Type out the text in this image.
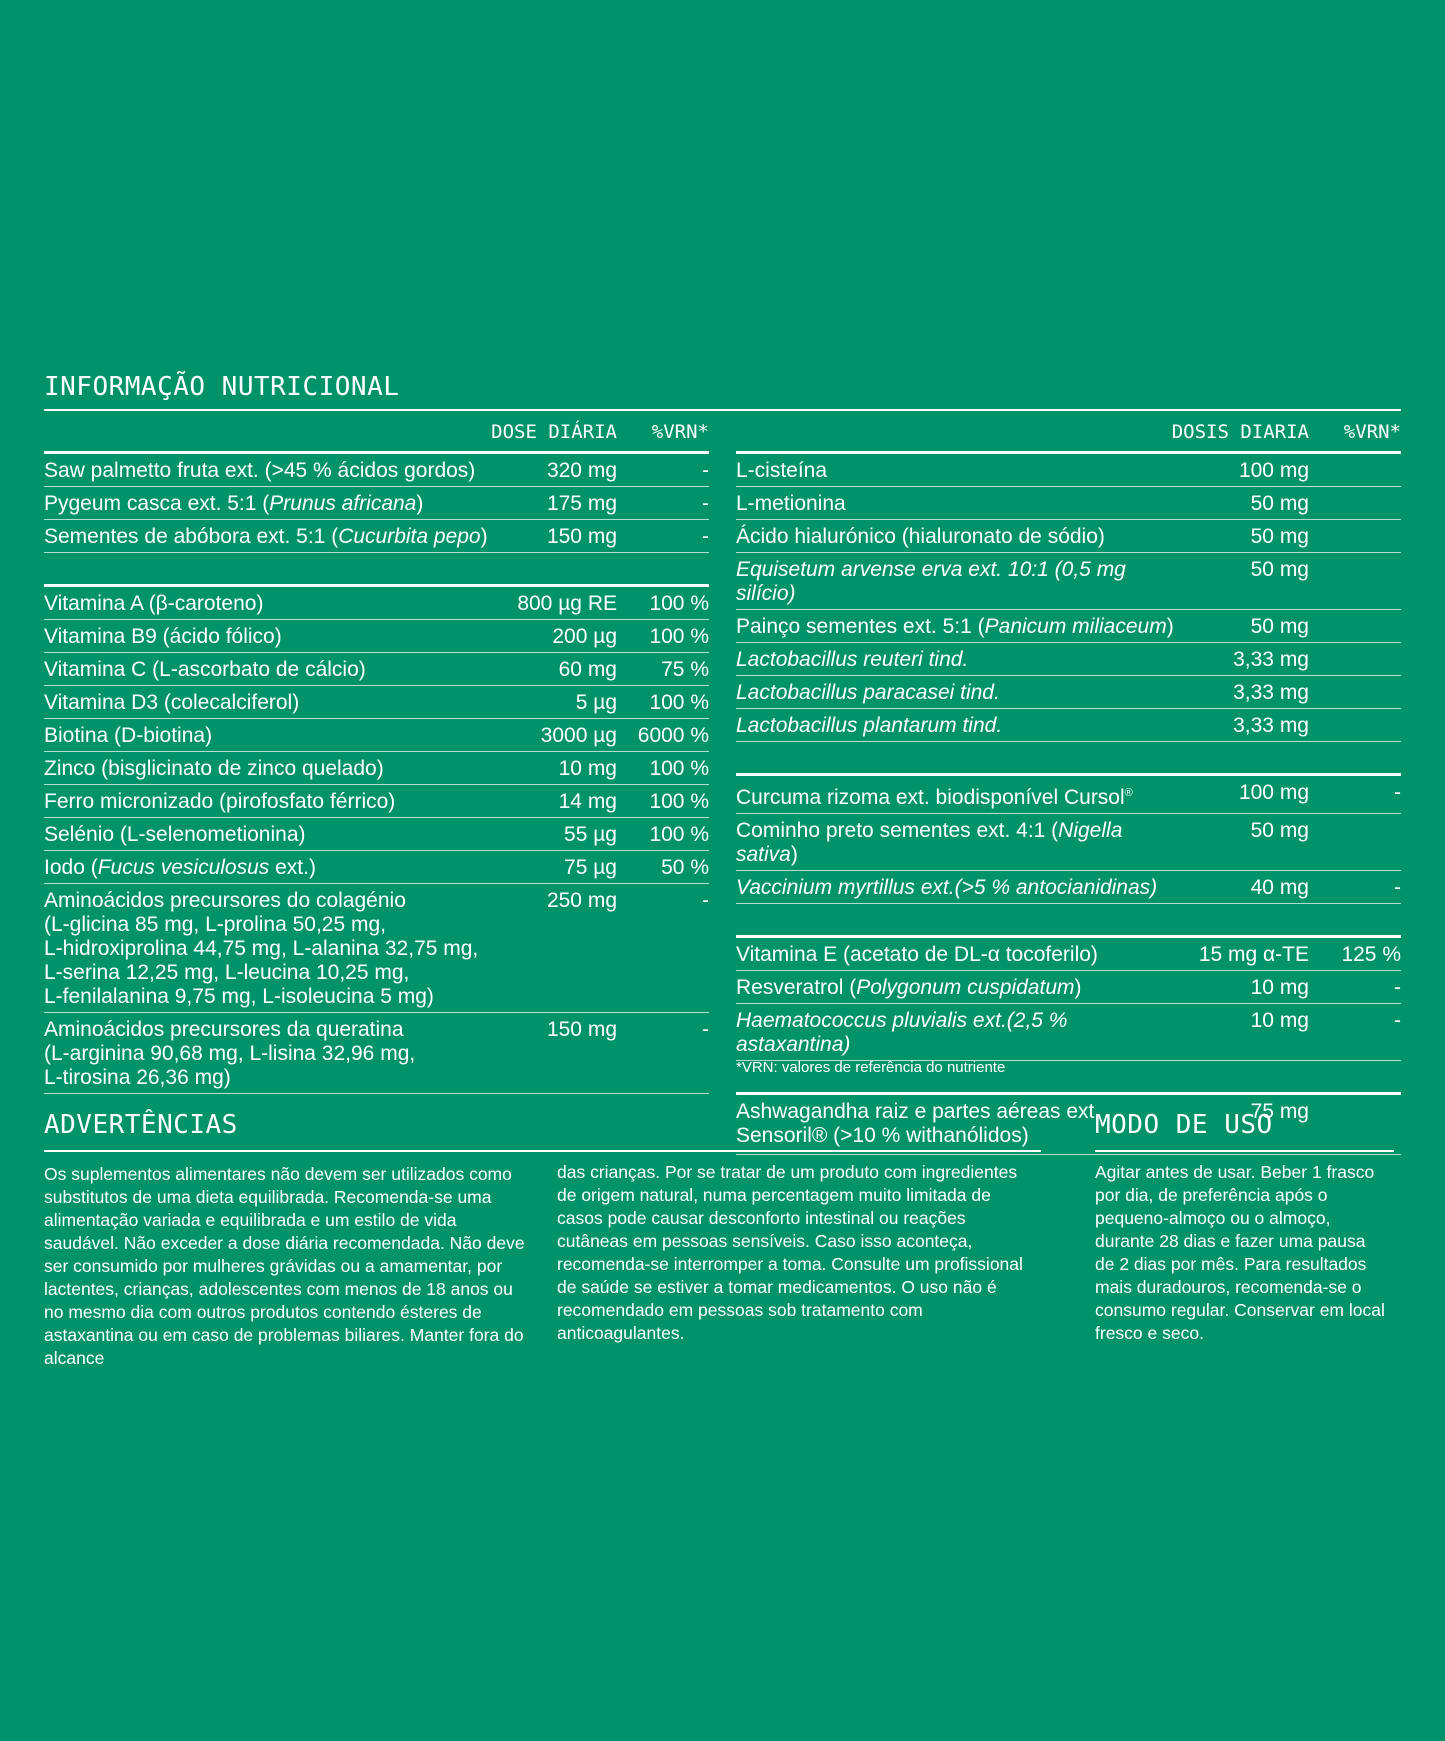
INFORMAÇÃO NUTRICIONAL
DOSE DIÁRIA %VRN*
Saw palmetto fruta ext. (>45 % ácidos gordos)	320 mg	-
Pygeum casca ext. 5:1 (Prunus africana)	175 mg	-
Sementes de abóbora ext. 5:1 (Cucurbita pepo)	150 mg	-
Vitamina A (β-caroteno)	800 µg RE 100 %
Vitamina B9 (ácido fólico)	200 µg 100 %
Vitamina C (L-ascorbato de cálcio)	60 mg 75 %
Vitamina D3 (colecalciferol)	5 µg 100 %
Biotina (D-biotina)	3000 µg 6000 %
Zinco (bisglicinato de zinco quelado)	10 mg 100 %
Ferro micronizado (pirofosfato férrico)	14 mg 100 %
Selénio (L-selenometionina)	55 µg 100 %
Iodo (Fucus vesiculosus ext.)	75 µg 50 %
Aminoácidos precursores do colagénio
(L-glicina 85 mg, L-prolina 50,25 mg,
L-hidroxiprolina 44,75 mg, L-alanina 32,75 mg,
L-serina 12,25 mg, L-leucina 10,25 mg,
L-fenilalanina 9,75 mg, L-isoleucina 5 mg)
250 mg	-
Aminoácidos precursores da queratina
(L-arginina 90,68 mg, L-lisina 32,96 mg,
L-tirosina 26,36 mg)
150 mg	-
DOSIS DIARIA %VRN*
L-cisteína	100 mg
L-metionina	50 mg
Ácido hialurónico (hialuronato de sódio)	50 mg
Equisetum arvense erva ext. 10:1 (0,5 mg silício)
50 mg
Painço sementes ext. 5:1 (Panicum miliaceum)	50 mg
Lactobacillus reuteri tind.	3,33 mg
Lactobacillus paracasei tind.	3,33 mg
Lactobacillus plantarum tind.	3,33 mg
Curcuma rizoma ext. biodisponível Cursol®	100 mg	-
Cominho preto sementes ext. 4:1 (Nigella sativa)
50 mg
Vaccinium myrtillus ext.(>5 % antocianidinas)	40 mg	-
Vitamina E (acetato de DL-α tocoferilo)	15 mg α-TE 125 %
Resveratrol (Polygonum cuspidatum)	10 mg	-
Haematococcus pluvialis ext.(2,5 % astaxantina)
10 mg	-
Ashwagandha raiz e partes aéreas ext.
Sensoril® (>10 % withanólidos)
75 mg
*VRN: valores de referência do nutriente
ADVERTÊNCIAS
Os suplementos alimentares não devem ser utilizados como substitutos de uma dieta equilibrada. Recomenda-se uma alimentação variada e equilibrada e um estilo de vida saudável. Não exceder a dose diária recomendada. Não deve ser consumido por mulheres grávidas ou a amamentar, por lactentes, crianças, adolescentes com menos de 18 anos ou no mesmo dia com outros produtos contendo ésteres de astaxantina ou em caso de problemas biliares. Manter fora do alcance
das crianças. Por se tratar de um produto com ingredientes de origem natural, numa percentagem muito limitada de casos pode causar desconforto intestinal ou reações cutâneas em pessoas sensíveis. Caso isso aconteça, recomenda-se interromper a toma. Consulte um profissional de saúde se estiver a tomar medicamentos. O uso não é recomendado em pessoas sob tratamento com anticoagulantes.
MODO DE USO
Agitar antes de usar. Beber 1 frasco por dia, de preferência após o pequeno-almoço ou o almoço, durante 28 dias e fazer uma pausa de 2 dias por mês. Para resultados mais duradouros, recomenda-se o consumo regular. Conservar em local fresco e seco.
